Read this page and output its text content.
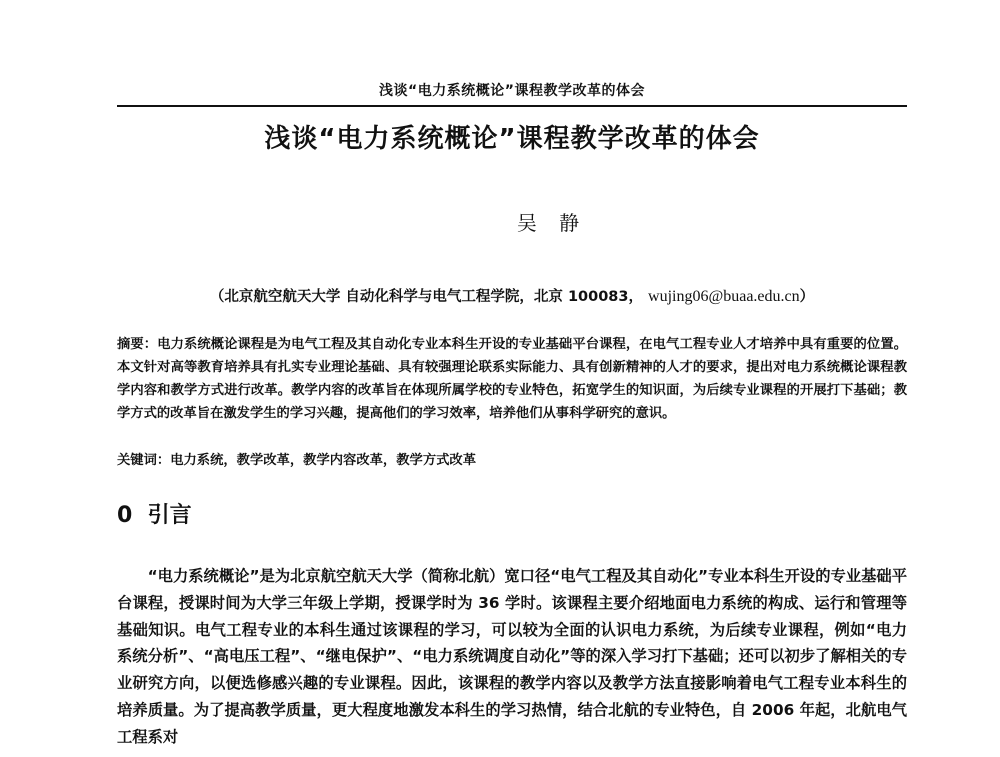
浅谈“电力系统概论”课程教学改革的体会
浅谈“电力系统概论”课程教学改革的体会
吴 静
（北京航空航天大学 自动化科学与电气工程学院，北京 100083， wujing06@buaa.edu.cn）
摘要：电力系统概论课程是为电气工程及其自动化专业本科生开设的专业基础平台课程，在电气工程专业人才培养中具有重要的位置。本文针对高等教育培养具有扎实专业理论基础、具有较强理论联系实际能力、具有创新精神的人才的要求，提出对电力系统概论课程教学内容和教学方式进行改革。教学内容的改革旨在体现所属学校的专业特色，拓宽学生的知识面，为后续专业课程的开展打下基础；教学方式的改革旨在激发学生的学习兴趣，提高他们的学习效率，培养他们从事科学研究的意识。
关键词：电力系统，教学改革，教学内容改革，教学方式改革
0 引言

“电力系统概论”是为北京航空航天大学（简称北航）宽口径“电气工程及其自动化”专业本科生开设的专业基础平台课程，授课时间为大学三年级上学期，授课学时为 36 学时。该课程主要介绍地面电力系统的构成、运行和管理等基础知识。电气工程专业的本科生通过该课程的学习，可以较为全面的认识电力系统，为后续专业课程，例如“电力系统分析”、“高电压工程”、“继电保护”、“电力系统调度自动化”等的深入学习打下基础；还可以初步了解相关的专业研究方向，以便选修感兴趣的专业课程。因此，该课程的教学内容以及教学方法直接影响着电气工程专业本科生的培养质量。为了提高教学质量，更大程度地激发本科生的学习热情，结合北航的专业特色，自 2006 年起，北航电气工程系对
